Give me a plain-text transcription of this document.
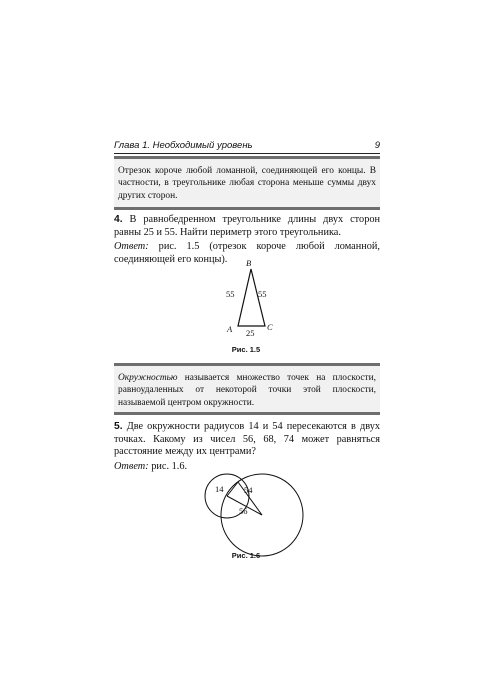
Глава 1. Необходимый уровень	9
Отрезок короче любой ломанной, соединяющей его концы. В частности, в треугольнике любая сторона меньше суммы двух других сторон.

4. В равнобедренном треугольнике длины двух сторон равны 25 и 55. Найти периметр этого треугольника.

Ответ: рис. 1.5 (отрезок короче любой ломанной, соединяющей его концы).	B
A	C
55	55
25
Рис. 1.5
Окружностью называется множество точек на плоскости, равноудаленных от некоторой точки этой плоскости, называемой центром окружности.

5. Две окружности радиусов 14 и 54 пересекаются в двух точках. Какому из чисел 56, 68, 74 может равняться расстояние между их центрами?

Ответ: рис. 1.6.

14 54
56
Рис. 1.6
